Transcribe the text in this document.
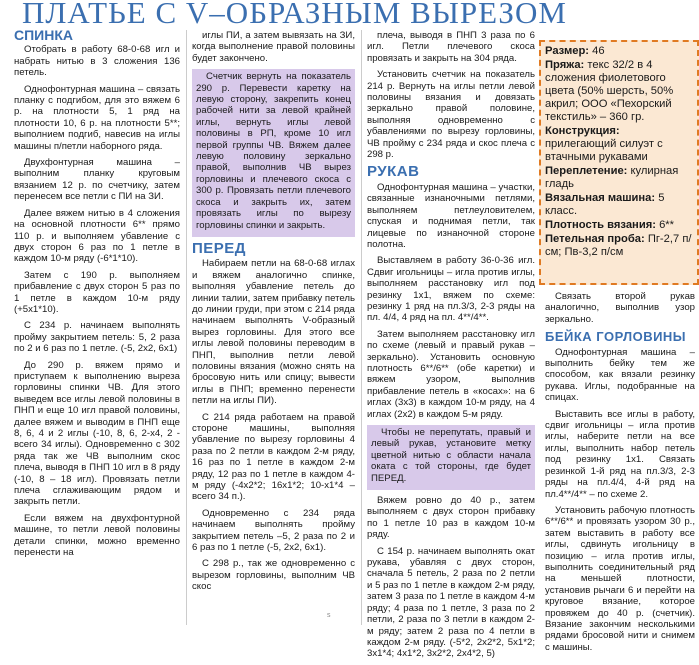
ПЛАТЬЕ С V–ОБРАЗНЫМ ВЫРЕЗОМ
СПИНКА

Отобрать в работу 68-0-68 игл и набрать нитью в 3 сложения 136 петель.

Однофонтурная машина – связать планку с подгибом, для это вяжем 6 р. на плотности 5, 1 ряд на плотности 10, 6 р. на плотности 5**; выполнием подгиб, навесив на иглы машины п/петли наборного ряда.

Двухфонтурная машина – выполним планку круговым вязанием 12 р. по счетчику, затем перенесем все петли с ПИ на ЗИ.

Далее вяжем нитью в 4 сложения на основной плотности 6** прямо 110 р. и выполняем убавление с двух сторон 6 раз по 1 петле в каждом 10-м ряду (-6*1*10).

Затем с 190 р. выполняем прибавление с двух сторон 5 раз по 1 петле в каждом 10-м ряду (+5х1*10).

С 234 р. начинаем выполнять пройму закрытием петель: 5, 2 раза по 2 и 6 раз по 1 петле. (-5, 2х2, 6х1)

До 290 р. вяжем прямо и приступаем к выполнению выреза горловины спинки ЧВ. Для этого выведем все иглы левой половины в ПНП и еще 10 игл правой половины, далее вяжем и выводим в ПНП еще 8, 6, 4 и 2 иглы (-10, 8, 6, 2-х4, 2 - всего 34 иглы). Одновременно с 302 ряда так же ЧВ выполним скос плеча, выводя в ПНП 10 игл в 8 ряду (-10, 8 – 18 игл). Провязать петли плеча сглаживающим рядом и закрыть петли.

Если вяжем на двухфонтурной машине, то петли левой половины детали спинки, можно временно перенести на

иглы ПИ, а затем вывязать на ЗИ, когда выполнение правой половины будет закончено.

Счетчик вернуть на показатель 290 р. Перевести каретку на левую сторону, закрепить конец рабочей нити за левой крайней иглы, вернуть иглы левой половины в РП, кроме 10 игл первой группы ЧВ. Вяжем далее левую половину зеркально правой, выполнив ЧВ вырез горловины и плечевого скоса с 300 р. Провязать петли плечевого скоса и закрыть их, затем провязать иглы по вырезу горловины спинки и закрыть.

ПЕРЕД

Набираем петли на 68-0-68 иглах и вяжем аналогично спинке, выполняя убавление петель до линии талии, затем прибавку петель до линии груди, при этом с 214 ряда начинаем выполнять V-образный вырез горловины. Для этого все иглы левой половины переводим в ПНП, выполнив петли левой половины вязания (можно снять на бросовую нить или спицу; вывести иглы в ПНП; временно перенести петли на иглы ПИ).

С 214 ряда работаем на правой стороне машины, выполняя убавление по вырезу горловины 4 раза по 2 петли в каждом 2-м ряду, 16 раз по 1 петле в каждом 2-м ряду, 12 раз по 1 петле в каждом 4-м ряду (-4х2*2; 16х1*2; 10-х1*4 – всего 34 п.).

Одновременно с 234 ряда начинаем выполнять пройму закрытием петель –5, 2 раза по 2 и 6 раз по 1 петле (-5, 2х2, 6х1).

С 298 р., так же одновременно с вырезом горловины, выполним ЧВ скос

плеча, выводя в ПНП 3 раза по 6 игл. Петли плечевого скоса провязать и закрыть на 304 ряда.

Установить счетчик на показатель 214 р. Вернуть на иглы петли левой половины вязания и довязать зеркально правой половине, выполняя одновременно с убавлениями по вырезу горловины, ЧВ пройму с 234 ряда и скос плеча с 298 р.

РУКАВ

Однофонтурная машина – участки, связанные изнаночными петлями, выполняем петлеуловителем, спуская и поднимая петли, так лицевые по изнаночной стороне полотна.

Выставляем в работу 36-0-36 игл. Сдвиг игольницы – игла против иглы, выполняем расстановку игл под резинку 1х1, вяжем по схеме: резинку 1 ряд на пл.3/3, 2-3 ряды на пл. 4/4, 4 ряд на пл. 4**/4**.

Затем выполняем расстановку игл по схеме (левый и правый рукав – зеркально). Установить основную плотность 6**/6** (обе каретки) и вяжем узором, выполнив прибавление петель в «косах»: на 6 иглах (3х3) в каждом 10-м ряду, на 4 иглах (2х2) в каждом 5-м ряду.

Чтобы не перепутать, правый и левый рукав, установите метку цветной нитью с области начала оката с той стороны, где будет ПЕРЕД.

Вяжем ровно до 40 р., затем выполняем с двух сторон прибавку по 1 петле 10 раз в каждом 10-м ряду.

С 154 р. начинаем выполнять окат рукава, убавляя с двух сторон, сначала 5 петель, 2 раза по 2 петли и 5 раз по 1 петле в каждом 2-м ряду, затем 3 раза по 1 петле в каждом 4-м ряду; 4 раза по 1 петле, 3 раза по 2 петли, 2 раза по 3 петли в каждом 2-м ряду; затем 2 раза по 4 петли в каждом 2-м ряду. (-5*2, 2х2*2, 5х1*2; 3х1*4; 4х1*2, 3х2*2, 2х4*2, 5)

Размер: 46

Пряжа: текс 32/2 в 4 сложения фиолетового цвета (50% шерсть, 50% акрил; ООО «Пехорский текстиль» – 360 гр.

Конструкция: прилегающий силуэт с втачными рукавами

Переплетение: кулирная гладь

Вязальная машина: 5 класс.

Плотность вязания: 6**

Петельная проба: Пг-2,7 п/см; Пв-3,2 п/см

Связать второй рукав аналогично, выполнив узор зеркально.

БЕЙКА ГОРЛОВИНЫ

Однофонтурная машина – выполнить бейку тем же способом, как вязали резинку рукава. Иглы, подобранные на спицах.

Выставить все иглы в работу, сдвиг игольницы – игла против иглы, наберите петли на все иглы, выполнить набор петель под резинку 1х1. Связать резинкой 1-й ряд на пл.3/3, 2-3 ряды на пл.4/4, 4-й ряд на пл.4**/4** – по схеме 2.

Установить рабочую плотность 6**/6** и провязать узором 30 р., затем выставить в работу все иглы, сдвинуть игольницу в позицию – игла против иглы, выполнить соединительный ряд на меньшей плотности, установив рычаги 6 и перейти на круговое вязание, которое провяжем до 40 р. (счетчик). Вязание закончим несколькими рядами бросовой нити и снимем с машины.

s
